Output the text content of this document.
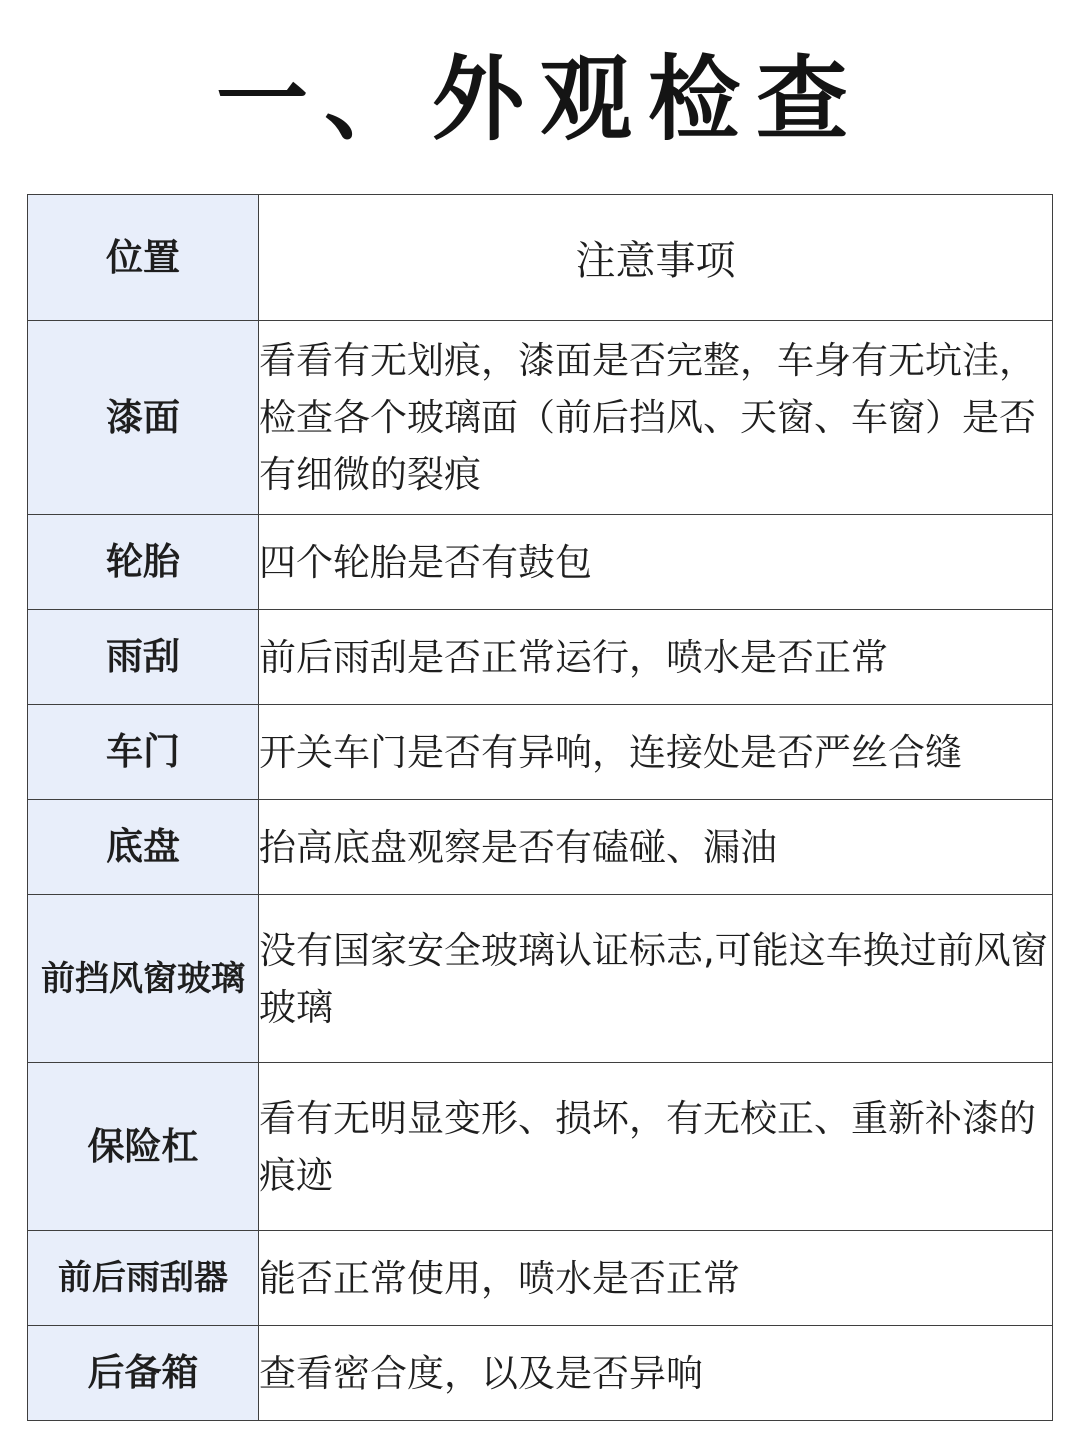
一、外观检查
位置	注意事项
漆面	看看有无划痕，漆面是否完整，车身有无坑洼，检查各个玻璃面（前后挡风、天窗、车窗）是否有细微的裂痕
轮胎	四个轮胎是否有鼓包
雨刮	前后雨刮是否正常运行，喷水是否正常
车门	开关车门是否有异响，连接处是否严丝合缝
底盘	抬高底盘观察是否有磕碰、漏油
前挡风窗玻璃	没有国家安全玻璃认证标志,可能这车换过前风窗玻璃
保险杠	看有无明显变形、损坏，有无校正、重新补漆的痕迹
前后雨刮器	能否正常使用，喷水是否正常
后备箱	查看密合度，以及是否异响
